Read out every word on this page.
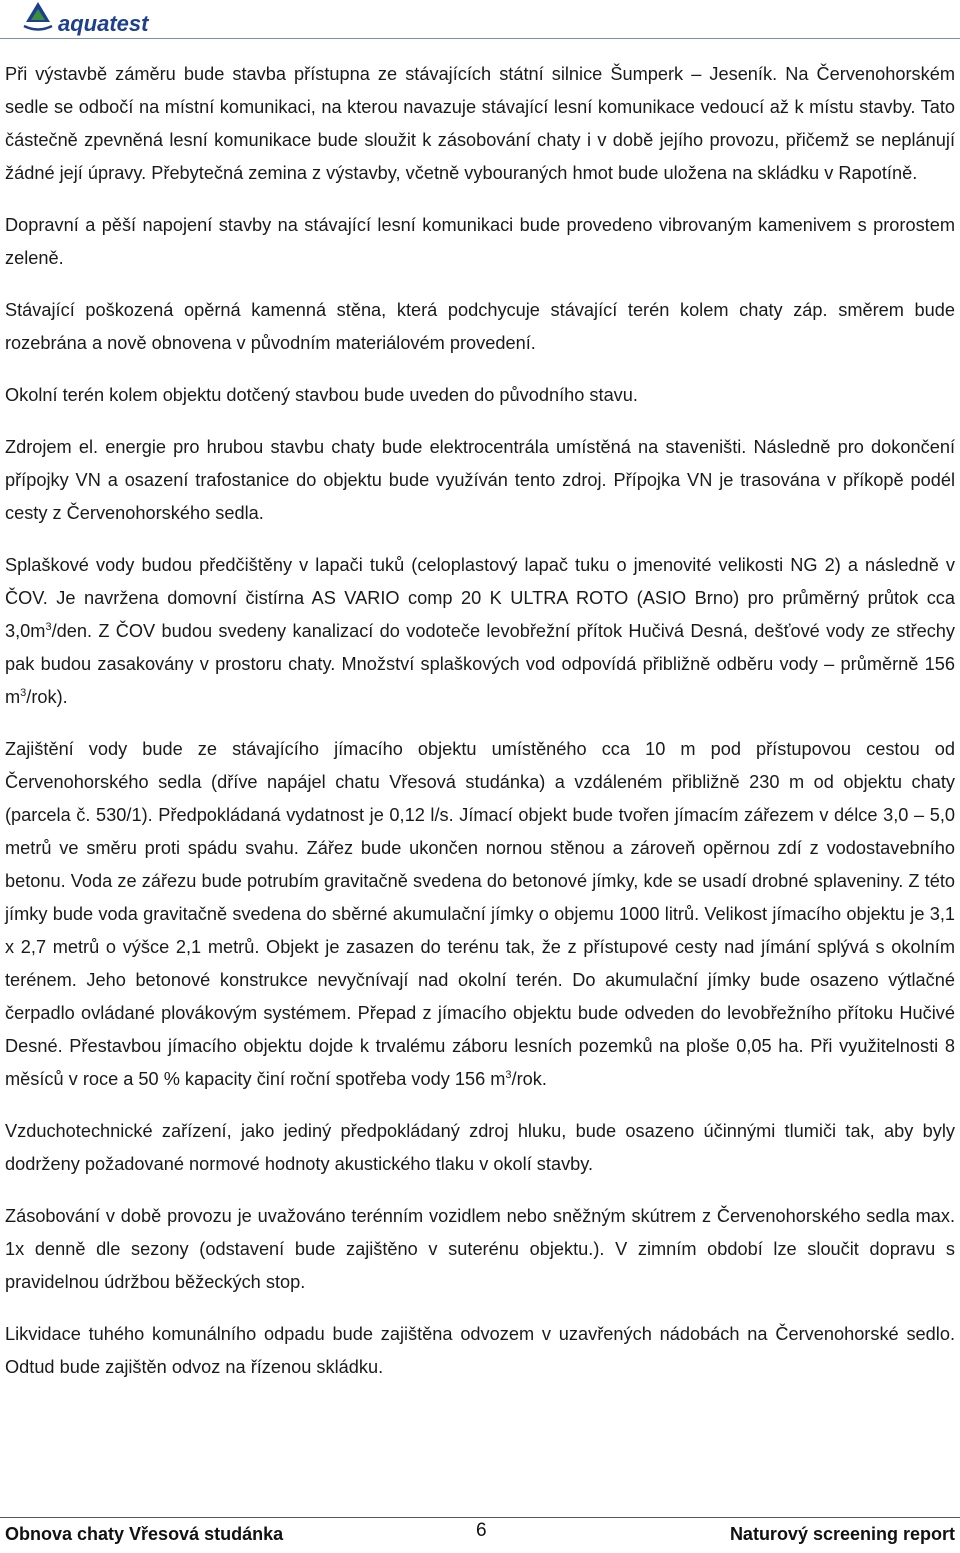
aquatest

Při výstavbě záměru bude stavba přístupna ze stávajících státní silnice Šumperk – Jeseník. Na Červenohorském sedle se odbočí na místní komunikaci, na kterou navazuje stávající lesní komunikace vedoucí až k místu stavby. Tato částečně zpevněná lesní komunikace bude sloužit k zásobování chaty i v době jejího provozu, přičemž se neplánují žádné její úpravy. Přebytečná zemina z výstavby, včetně vybouraných hmot bude uložena na skládku v Rapotíně.

Dopravní a pěší napojení stavby na stávající lesní komunikaci bude provedeno vibrovaným kamenivem s prorostem zeleně.

Stávající poškozená opěrná kamenná stěna, která podchycuje stávající terén kolem chaty záp. směrem bude rozebrána a nově obnovena v původním materiálovém provedení.

Okolní terén kolem objektu dotčený stavbou bude uveden do původního stavu.

Zdrojem el. energie pro hrubou stavbu chaty bude elektrocentrála umístěná na staveništi. Následně pro dokončení přípojky VN a osazení trafostanice do objektu bude využíván tento zdroj. Přípojka VN je trasována v příkopě podél cesty z Červenohorského sedla.

Splaškové vody budou předčištěny v lapači tuků (celoplastový lapač tuku o jmenovité velikosti NG 2) a následně v ČOV. Je navržena domovní čistírna AS VARIO comp 20 K ULTRA ROTO (ASIO Brno) pro průměrný průtok cca $3,0m^3$/den. Z ČOV budou svedeny kanalizací do vodoteče levobřežní přítok Hučivá Desná, dešťové vody ze střechy pak budou zasakovány v prostoru chaty. Množství splaškových vod odpovídá přibližně odběru vody – průměrně 156 $m^3/rok$).

Zajištění vody bude ze stávajícího jímacího objektu umístěného cca 10 m pod přístupovou cestou od Červenohorského sedla (dříve napájel chatu Vřesová studánka) a vzdáleném přibližně 230 m od objektu chaty (parcela č. 530/1). Předpokládaná vydatnost je 0,12 l/s. Jímací objekt bude tvořen jímacím zářezem v délce 3,0 – 5,0 metrů ve směru proti spádu svahu. Zářez bude ukončen nornou stěnou a zároveň opěrnou zdí z vodostavebního betonu. Voda ze zářezu bude potrubím gravitačně svedena do betonové jímky, kde se usadí drobné splaveniny. Z této jímky bude voda gravitačně svedena do sběrné akumulační jímky o objemu 1000 litrů. Velikost jímacího objektu je 3,1 x 2,7 metrů o výšce 2,1 metrů. Objekt je zasazen do terénu tak, že z přístupové cesty nad jímání splývá s okolním terénem. Jeho betonové konstrukce nevyčnívají nad okolní terén. Do akumulační jímky bude osazeno výtlačné čerpadlo ovládané plovákovým systémem. Přepad z jímacího objektu bude odveden do levobřežního přítoku Hučivé Desné. Přestavbou jímacího objektu dojde k trvalému záboru lesních pozemků na ploše 0,05 ha. Při využitelnosti 8 měsíců v roce a 50 % kapacity činí roční spotřeba vody 156 $m^3$/rok.

Vzduchotechnické zařízení, jako jediný předpokládaný zdroj hluku, bude osazeno účinnými tlumiči tak, aby byly dodrženy požadované normové hodnoty akustického tlaku v okolí stavby.

Zásobování v době provozu je uvažováno terénním vozidlem nebo sněžným skútrem z Červenohorského sedla max. 1x denně dle sezony (odstavení bude zajištěno v suterénu objektu.). V zimním období lze sloučit dopravu s pravidelnou údržbou běžeckých stop.

Likvidace tuhého komunálního odpadu bude zajištěna odvozem v uzavřených nádobách na Červenohorské sedlo. Odtud bude zajištěn odvoz na řízenou skládku.

Obnova chaty Vřesová studánka	6	Naturový screening report
